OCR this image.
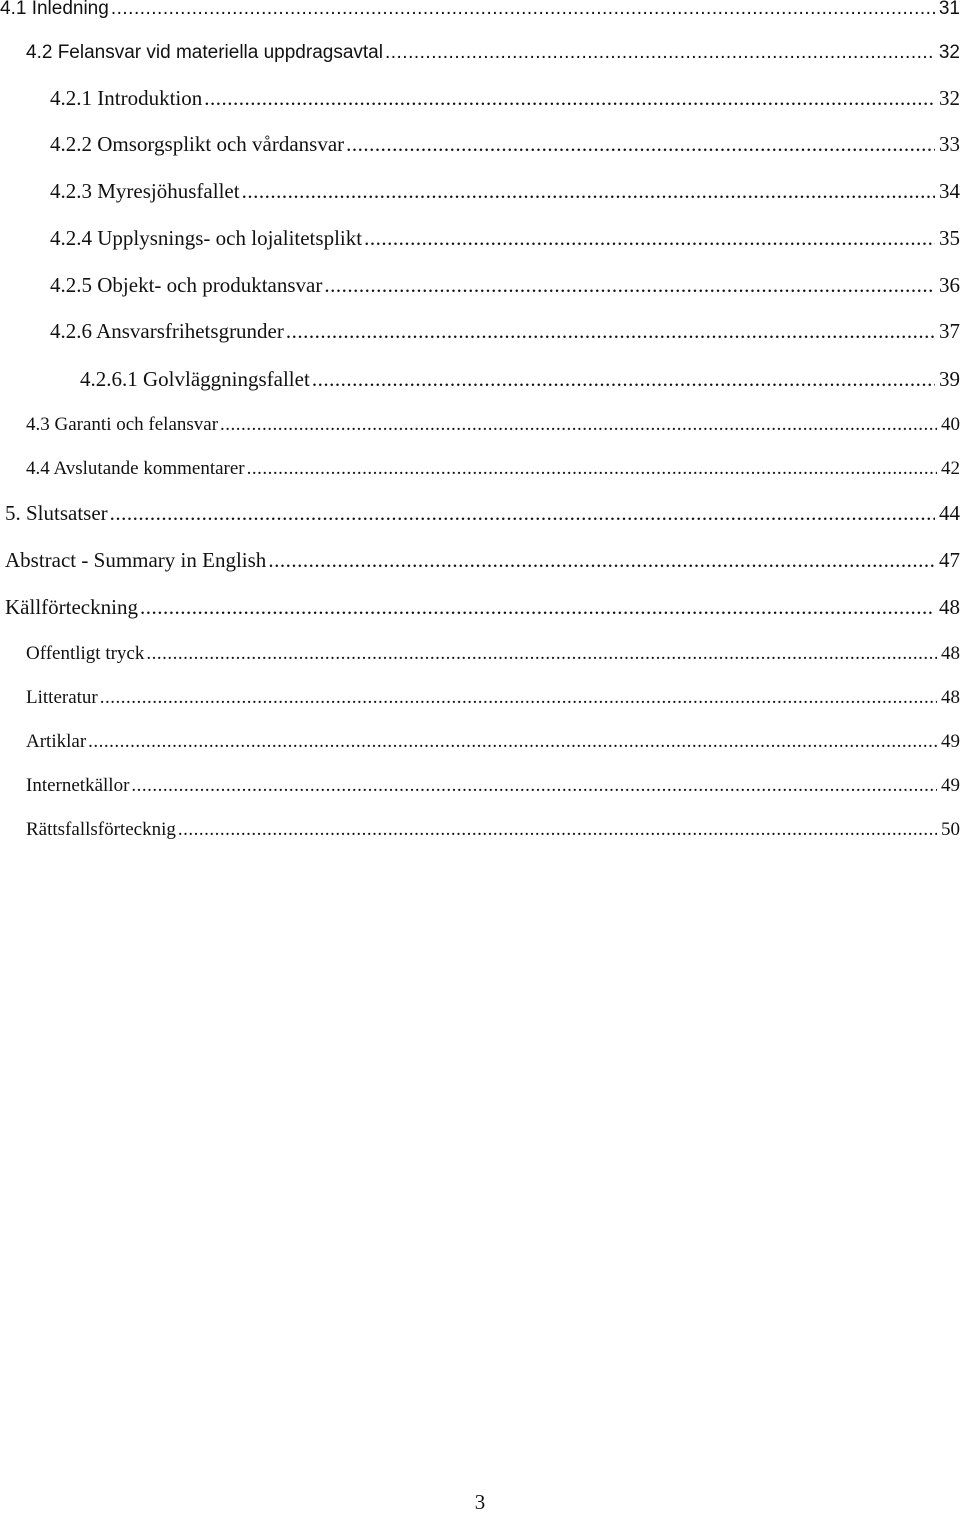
4.1 Inledning .....	31
4.2 Felansvar vid materiella uppdragsavtal .....	32
4.2.1 Introduktion .....	32
4.2.2 Omsorgsplikt och vårdansvar .....	33
4.2.3 Myresjöhusfallet .....	34
4.2.4 Upplysnings- och lojalitetsplikt .....	35
4.2.5 Objekt- och produktansvar .....	36
4.2.6 Ansvarsfrihetsgrunder .....	37
4.2.6.1 Golvläggningsfallet .....	39
4.3 Garanti och felansvar .....	40
4.4 Avslutande kommentarer .....	42
5. Slutsatser .....	44
Abstract - Summary in English .....	47
Källförteckning .....	48
Offentligt tryck .....	48
Litteratur .....	48
Artiklar .....	49
Internetkällor .....	49
Rättsfallsförtecknig .....	50
3
